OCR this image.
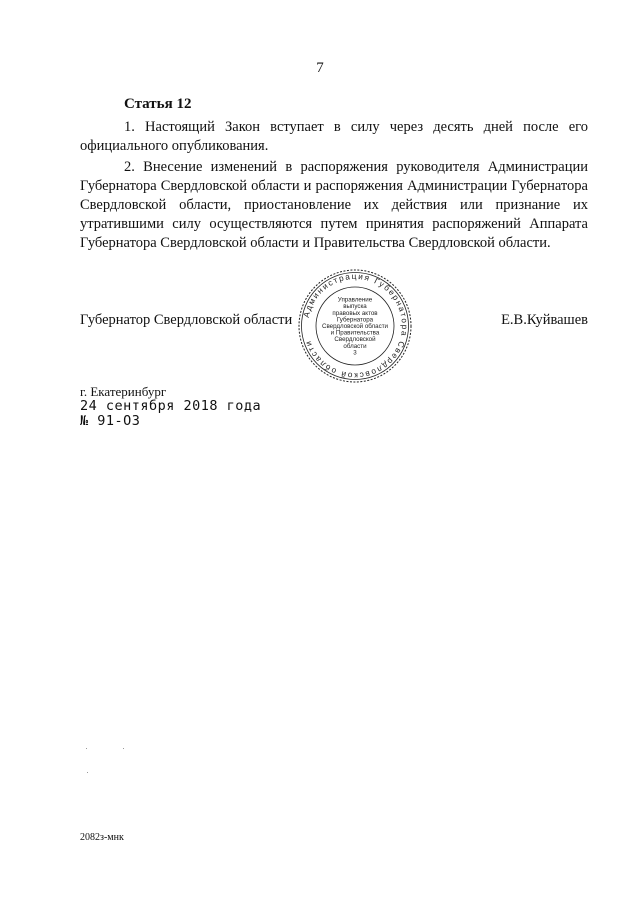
7
Статья 12

1. Настоящий Закон вступает в силу через десять дней после его официального опубликования.

2. Внесение изменений в распоряжения руководителя Администрации Губернатора Свердловской области и распоряжения Администрации Губернатора Свердловской области, приостановление их действия или признание их утратившими силу осуществляются путем принятия распоряжений Аппарата Губернатора Свердловской области и Правительства Свердловской области.

Губернатор Свердловской области	Е.В.Куйвашев
Администрация Губернатора Свердловской области
Управление
выпуска
правовых актов
Губернатора
Свердловской области
и Правительства
Свердловской
области
3
г. Екатеринбург
24 сентября 2018 года
№ 91-ОЗ
2082з-мнк
